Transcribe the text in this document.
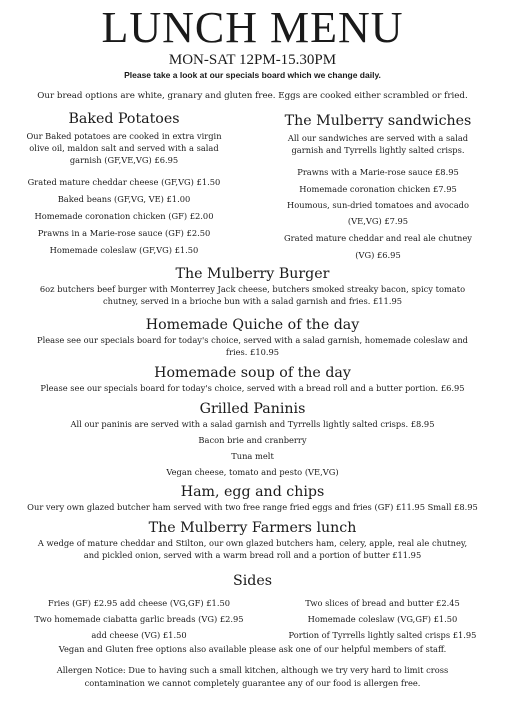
LUNCH MENU
MON-SAT 12PM-15.30PM
Please take a look at our specials board which we change daily.
Our bread options are white, granary and gluten free. Eggs are cooked either scrambled or fried.
Baked Potatoes
Our Baked potatoes are cooked in extra virgin
olive oil, maldon salt and served with a salad
garnish (GF,VE,VG) £6.95
Grated mature cheddar cheese (GF,VG) £1.50
Baked beans (GF,VG, VE) £1.00
Homemade coronation chicken (GF) £2.00
Prawns in a Marie-rose sauce (GF) £2.50
Homemade coleslaw (GF,VG) £1.50
The Mulberry sandwiches
All our sandwiches are served with a salad
garnish and Tyrrells lightly salted crisps.
Prawns with a Marie-rose sauce £8.95
Homemade coronation chicken £7.95
Houmous, sun-dried tomatoes and avocado
(VE,VG) £7.95
Grated mature cheddar and real ale chutney
(VG) £6.95
The Mulberry Burger
6oz butchers beef burger with Monterrey Jack cheese, butchers smoked streaky bacon, spicy tomato
chutney, served in a brioche bun with a salad garnish and fries. £11.95
Homemade Quiche of the day
Please see our specials board for today's choice, served with a salad garnish, homemade coleslaw and
fries. £10.95
Homemade soup of the day
Please see our specials board for today's choice, served with a bread roll and a butter portion. £6.95
Grilled Paninis
All our paninis are served with a salad garnish and Tyrrells lightly salted crisps. £8.95
Bacon brie and cranberry
Tuna melt
Vegan cheese, tomato and pesto (VE,VG)
Ham, egg and chips
Our very own glazed butcher ham served with two free range fried eggs and fries (GF) £11.95 Small £8.95
The Mulberry Farmers lunch
A wedge of mature cheddar and Stilton, our own glazed butchers ham, celery, apple, real ale chutney,
and pickled onion, served with a warm bread roll and a portion of butter £11.95
Sides
Fries (GF) £2.95 add cheese (VG,GF) £1.50
Two homemade ciabatta garlic breads (VG) £2.95
add cheese (VG) £1.50
Two slices of bread and butter £2.45
Homemade coleslaw (VG,GF) £1.50
Portion of Tyrrells lightly salted crisps £1.95
Vegan and Gluten free options also available please ask one of our helpful members of staff.
Allergen Notice: Due to having such a small kitchen, although we try very hard to limit cross
contamination we cannot completely guarantee any of our food is allergen free.
